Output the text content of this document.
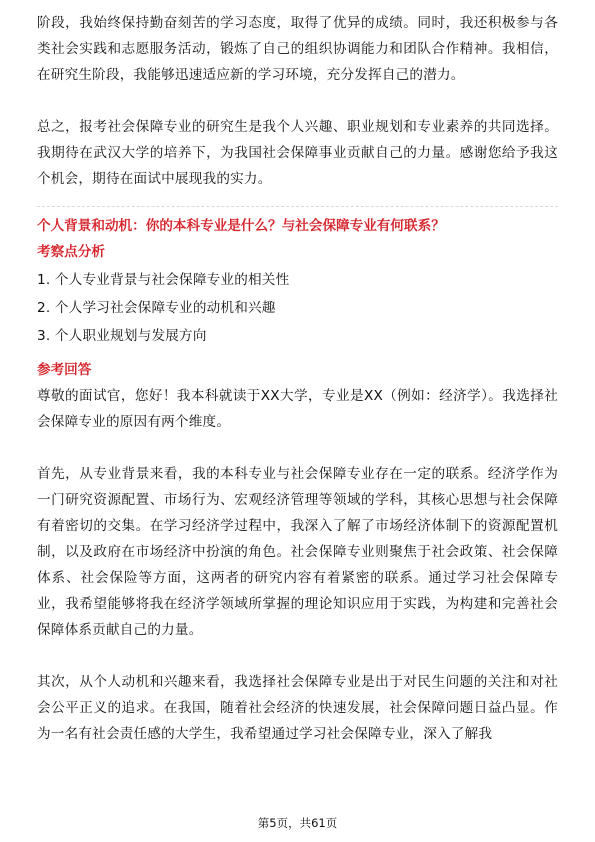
阶段，我始终保持勤奋刻苦的学习态度，取得了优异的成绩。同时，我还积极参与各类社会实践和志愿服务活动，锻炼了自己的组织协调能力和团队合作精神。我相信，在研究生阶段，我能够迅速适应新的学习环境，充分发挥自己的潜力。

总之，报考社会保障专业的研究生是我个人兴趣、职业规划和专业素养的共同选择。我期待在武汉大学的培养下，为我国社会保障事业贡献自己的力量。感谢您给予我这个机会，期待在面试中展现我的实力。

个人背景和动机：你的本科专业是什么？与社会保障专业有何联系？

考察点分析

1. 个人专业背景与社会保障专业的相关性
2. 个人学习社会保障专业的动机和兴趣
3. 个人职业规划与发展方向

参考回答

尊敬的面试官，您好！我本科就读于XX大学，专业是XX（例如：经济学）。我选择社会保障专业的原因有两个维度。

首先，从专业背景来看，我的本科专业与社会保障专业存在一定的联系。经济学作为一门研究资源配置、市场行为、宏观经济管理等领域的学科，其核心思想与社会保障有着密切的交集。在学习经济学过程中，我深入了解了市场经济体制下的资源配置机制，以及政府在市场经济中扮演的角色。社会保障专业则聚焦于社会政策、社会保障体系、社会保险等方面，这两者的研究内容有着紧密的联系。通过学习社会保障专业，我希望能够将我在经济学领域所掌握的理论知识应用于实践，为构建和完善社会保障体系贡献自己的力量。

其次，从个人动机和兴趣来看，我选择社会保障专业是出于对民生问题的关注和对社会公平正义的追求。在我国，随着社会经济的快速发展，社会保障问题日益凸显。作为一名有社会责任感的大学生，我希望通过学习社会保障专业，深入了解我

第5页，共61页
